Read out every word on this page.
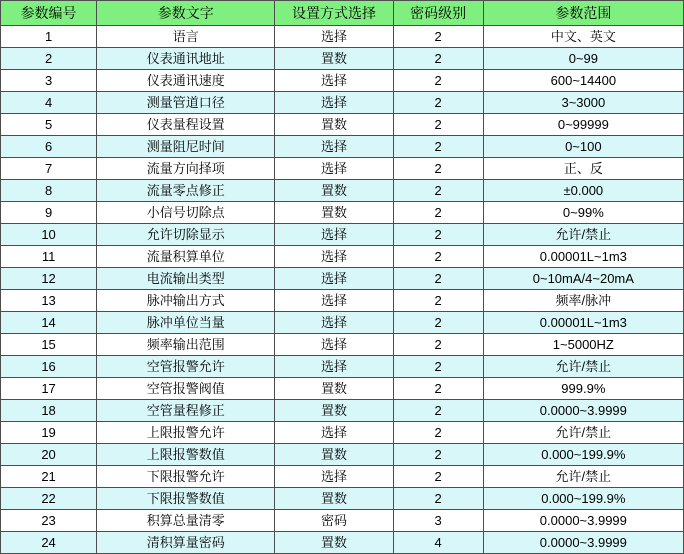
参数编号	参数文字	设置方式选择	密码级别	参数范围
1	语言	选择	2	中文、英文
2	仪表通讯地址	置数	2	0~99
3	仪表通讯速度	选择	2	600~14400
4	测量管道口径	选择	2	3~3000
5	仪表量程设置	置数	2	0~99999
6	测量阻尼时间	选择	2	0~100
7	流量方向择项	选择	2	正、反
8	流量零点修正	置数	2	±0.000
9	小信号切除点	置数	2	0~99%
10	允许切除显示	选择	2	允许/禁止
11	流量积算单位	选择	2	0.00001L~1m3
12	电流输出类型	选择	2	0~10mA/4~20mA
13	脉冲输出方式	选择	2	频率/脉冲
14	脉冲单位当量	选择	2	0.00001L~1m3
15	频率输出范围	选择	2	1~5000HZ
16	空管报警允许	选择	2	允许/禁止
17	空管报警阀值	置数	2	999.9%
18	空管量程修正	置数	2	0.0000~3.9999
19	上限报警允许	选择	2	允许/禁止
20	上限报警数值	置数	2	0.000~199.9%
21	下限报警允许	选择	2	允许/禁止
22	下限报警数值	置数	2	0.000~199.9%
23	积算总量清零	密码	3	0.0000~3.9999
24	清积算量密码	置数	4	0.0000~3.9999
